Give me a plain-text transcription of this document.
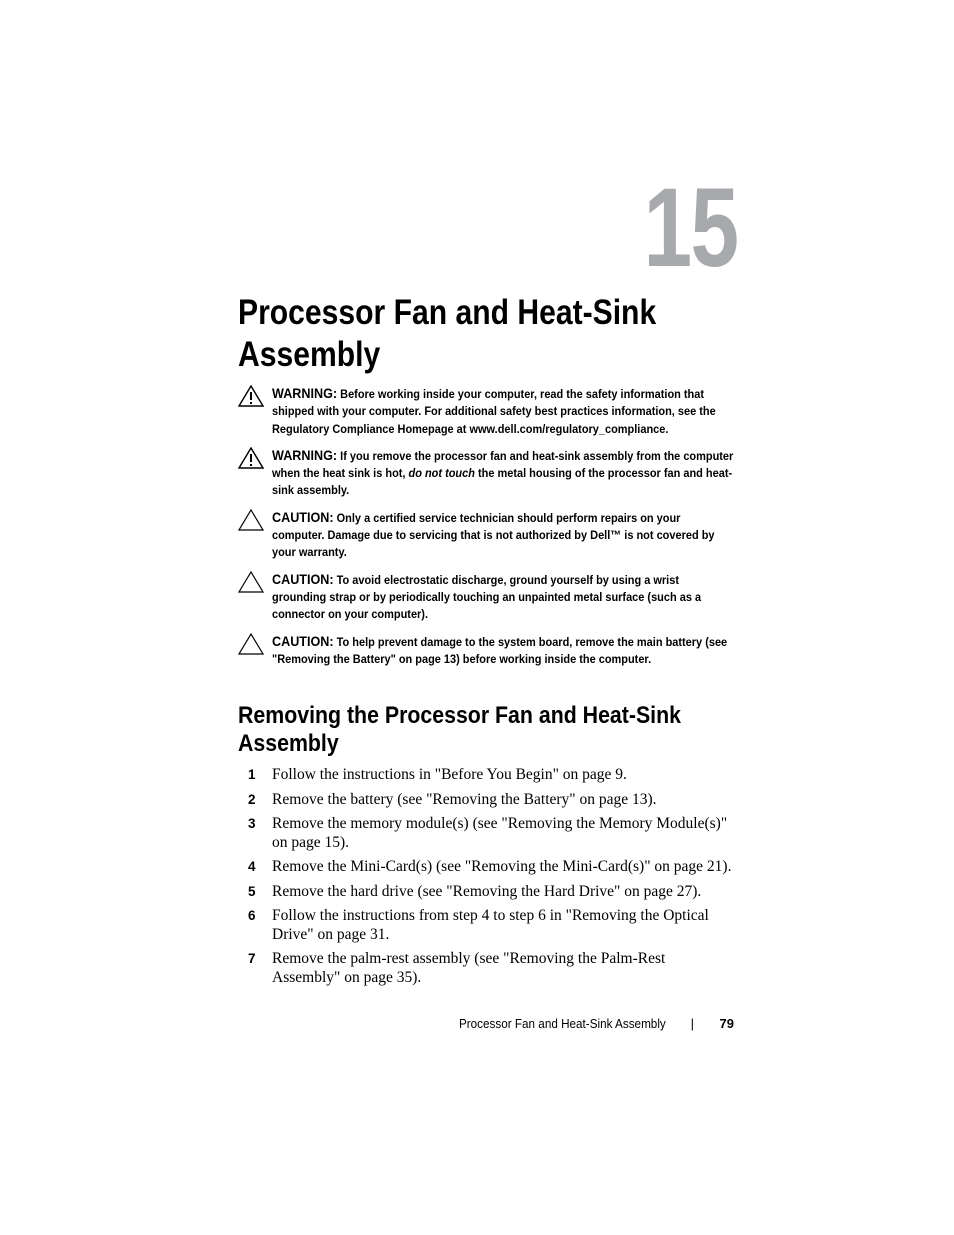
15
Processor Fan and Heat-Sink Assembly
WARNING: Before working inside your computer, read the safety information that shipped with your computer. For additional safety best practices information, see the Regulatory Compliance Homepage at www.dell.com/regulatory_compliance.
WARNING: If you remove the processor fan and heat-sink assembly from the computer when the heat sink is hot, do not touch the metal housing of the processor fan and heat-sink assembly.
CAUTION: Only a certified service technician should perform repairs on your computer. Damage due to servicing that is not authorized by Dell™ is not covered by your warranty.
CAUTION: To avoid electrostatic discharge, ground yourself by using a wrist grounding strap or by periodically touching an unpainted metal surface (such as a connector on your computer).
CAUTION: To help prevent damage to the system board, remove the main battery (see "Removing the Battery" on page 13) before working inside the computer.
Removing the Processor Fan and Heat-Sink Assembly
1	Follow the instructions in "Before You Begin" on page 9.
2	Remove the battery (see "Removing the Battery" on page 13).
3	Remove the memory module(s) (see "Removing the Memory Module(s)" on page 15).
4	Remove the Mini-Card(s) (see "Removing the Mini-Card(s)" on page 21).
5	Remove the hard drive (see "Removing the Hard Drive" on page 27).
6	Follow the instructions from step 4 to step 6 in "Removing the Optical Drive" on page 31.
7	Remove the palm-rest assembly (see "Removing the Palm-Rest Assembly" on page 35).
Processor Fan and Heat-Sink Assembly | 79
